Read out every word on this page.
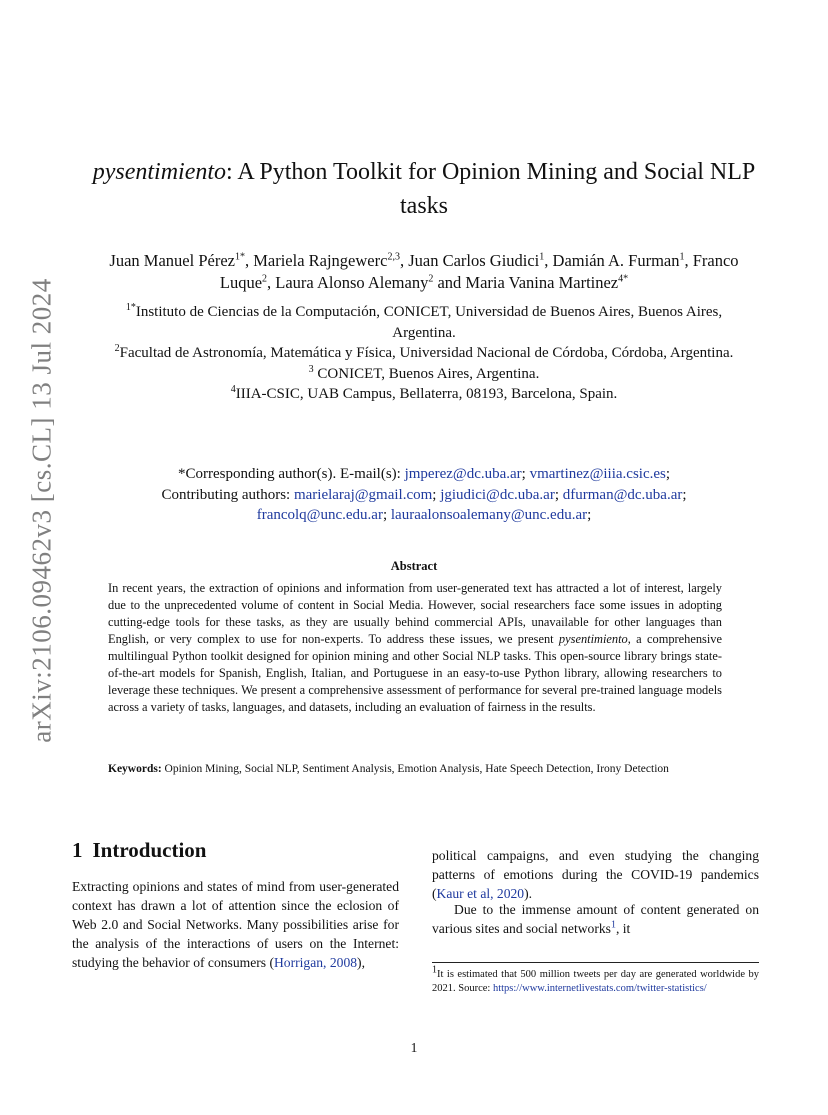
arXiv:2106.09462v3 [cs.CL] 13 Jul 2024
pysentimiento: A Python Toolkit for Opinion Mining and Social NLP tasks
Juan Manuel Pérez$^{1*}$, Mariela Rajngewerc$^{2,3}$, Juan Carlos Giudici$^1$, Damián A. Furman$^1$, Franco Luque$^2$, Laura Alonso Alemany$^2$ and Maria Vanina Martinez$^{4*}$
$^{1*}$Instituto de Ciencias de la Computación, CONICET, Universidad de Buenos Aires, Buenos Aires, Argentina.
$^2$Facultad de Astronomía, Matemática y Física, Universidad Nacional de Córdoba, Córdoba, Argentina.
$^3$ CONICET, Buenos Aires, Argentina.
$^4$IIIA-CSIC, UAB Campus, Bellaterra, 08193, Barcelona, Spain.
*Corresponding author(s). E-mail(s): jmperez@dc.uba.ar; vmartinez@iiia.csic.es;
Contributing authors: marielaraj@gmail.com; jgiudici@dc.uba.ar; dfurman@dc.uba.ar;
francolq@unc.edu.ar; lauraalonsoalemany@unc.edu.ar;
Abstract
In recent years, the extraction of opinions and information from user-generated text has attracted a lot of interest, largely due to the unprecedented volume of content in Social Media. However, social researchers face some issues in adopting cutting-edge tools for these tasks, as they are usually behind commercial APIs, unavailable for other languages than English, or very complex to use for non-experts. To address these issues, we present pysentimiento, a comprehensive multilingual Python toolkit designed for opinion mining and other Social NLP tasks. This open-source library brings state-of-the-art models for Spanish, English, Italian, and Portuguese in an easy-to-use Python library, allowing researchers to leverage these techniques. We present a comprehensive assessment of performance for several pre-trained language models across a variety of tasks, languages, and datasets, including an evaluation of fairness in the results.
Keywords: Opinion Mining, Social NLP, Sentiment Analysis, Emotion Analysis, Hate Speech Detection, Irony Detection
1 Introduction
Extracting opinions and states of mind from user-generated context has drawn a lot of attention since the eclosion of Web 2.0 and Social Networks. Many possibilities arise for the analysis of the interactions of users on the Internet: studying the behavior of consumers (Horrigan, 2008),
political campaigns, and even studying the changing patterns of emotions during the COVID-19 pandemics (Kaur et al, 2020).
Due to the immense amount of content generated on various sites and social networks$^1$, it
$^1$It is estimated that 500 million tweets per day are generated worldwide by 2021. Source: https://www.internetlivestats.com/twitter-statistics/
1
